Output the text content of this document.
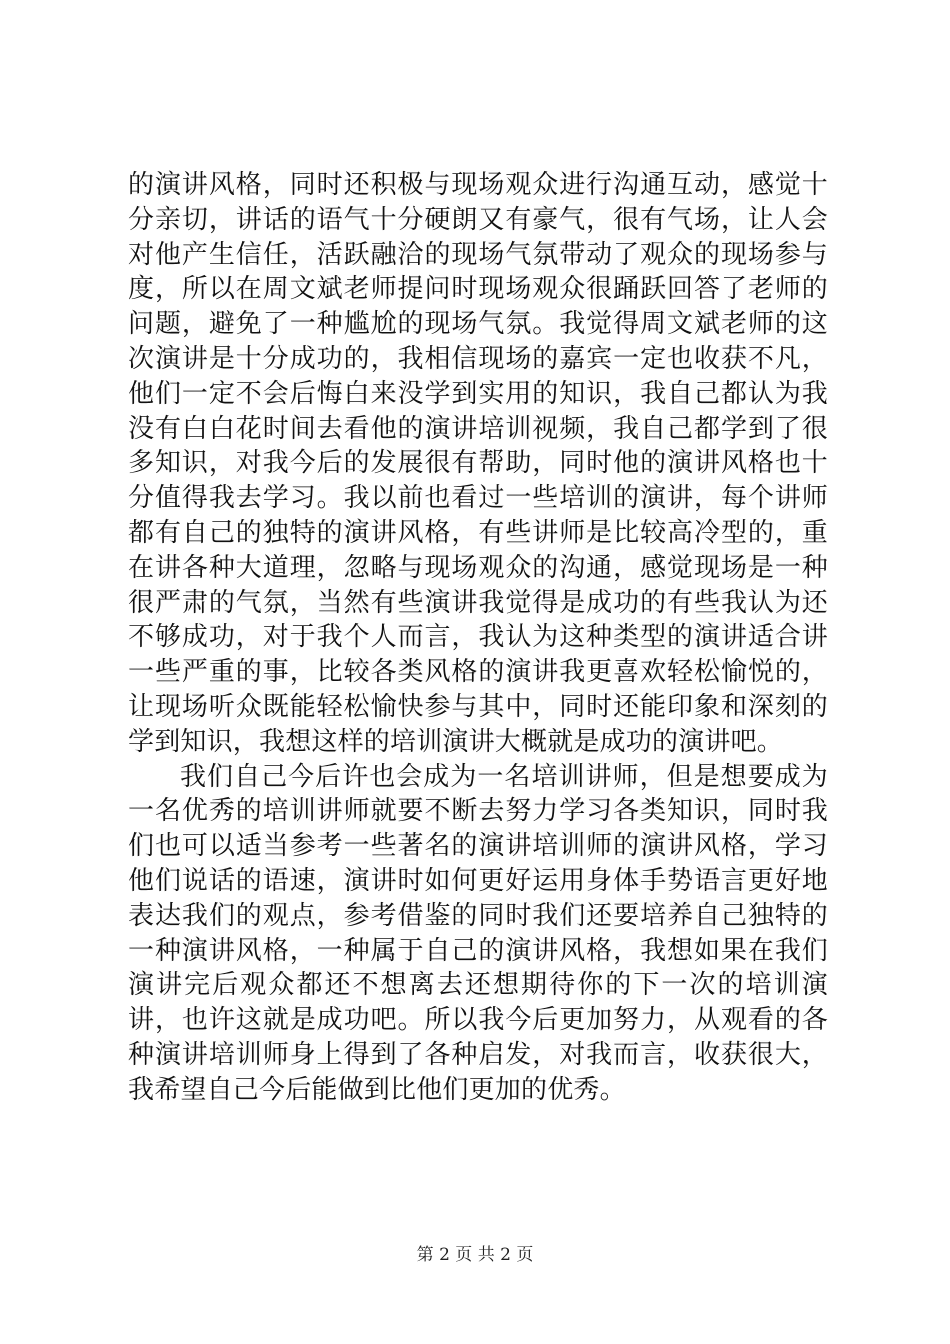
的演讲风格，同时还积极与现场观众进行沟通互动，感觉十分亲切，讲话的语气十分硬朗又有豪气，很有气场，让人会对他产生信任，活跃融洽的现场气氛带动了观众的现场参与度，所以在周文斌老师提问时现场观众很踊跃回答了老师的问题，避免了一种尴尬的现场气氛。我觉得周文斌老师的这次演讲是十分成功的，我相信现场的嘉宾一定也收获不凡，他们一定不会后悔白来没学到实用的知识，我自己都认为我没有白白花时间去看他的演讲培训视频，我自己都学到了很多知识，对我今后的发展很有帮助，同时他的演讲风格也十分值得我去学习。我以前也看过一些培训的演讲，每个讲师都有自己的独特的演讲风格，有些讲师是比较高冷型的，重在讲各种大道理，忽略与现场观众的沟通，感觉现场是一种很严肃的气氛，当然有些演讲我觉得是成功的有些我认为还不够成功，对于我个人而言，我认为这种类型的演讲适合讲一些严重的事，比较各类风格的演讲我更喜欢轻松愉悦的，让现场听众既能轻松愉快参与其中，同时还能印象和深刻的学到知识，我想这样的培训演讲大概就是成功的演讲吧。

我们自己今后许也会成为一名培训讲师，但是想要成为一名优秀的培训讲师就要不断去努力学习各类知识，同时我们也可以适当参考一些著名的演讲培训师的演讲风格，学习他们说话的语速，演讲时如何更好运用身体手势语言更好地表达我们的观点，参考借鉴的同时我们还要培养自己独特的一种演讲风格，一种属于自己的演讲风格，我想如果在我们演讲完后观众都还不想离去还想期待你的下一次的培训演讲，也许这就是成功吧。所以我今后更加努力，从观看的各种演讲培训师身上得到了各种启发，对我而言，收获很大，我希望自己今后能做到比他们更加的优秀。

第 2 页 共 2 页
